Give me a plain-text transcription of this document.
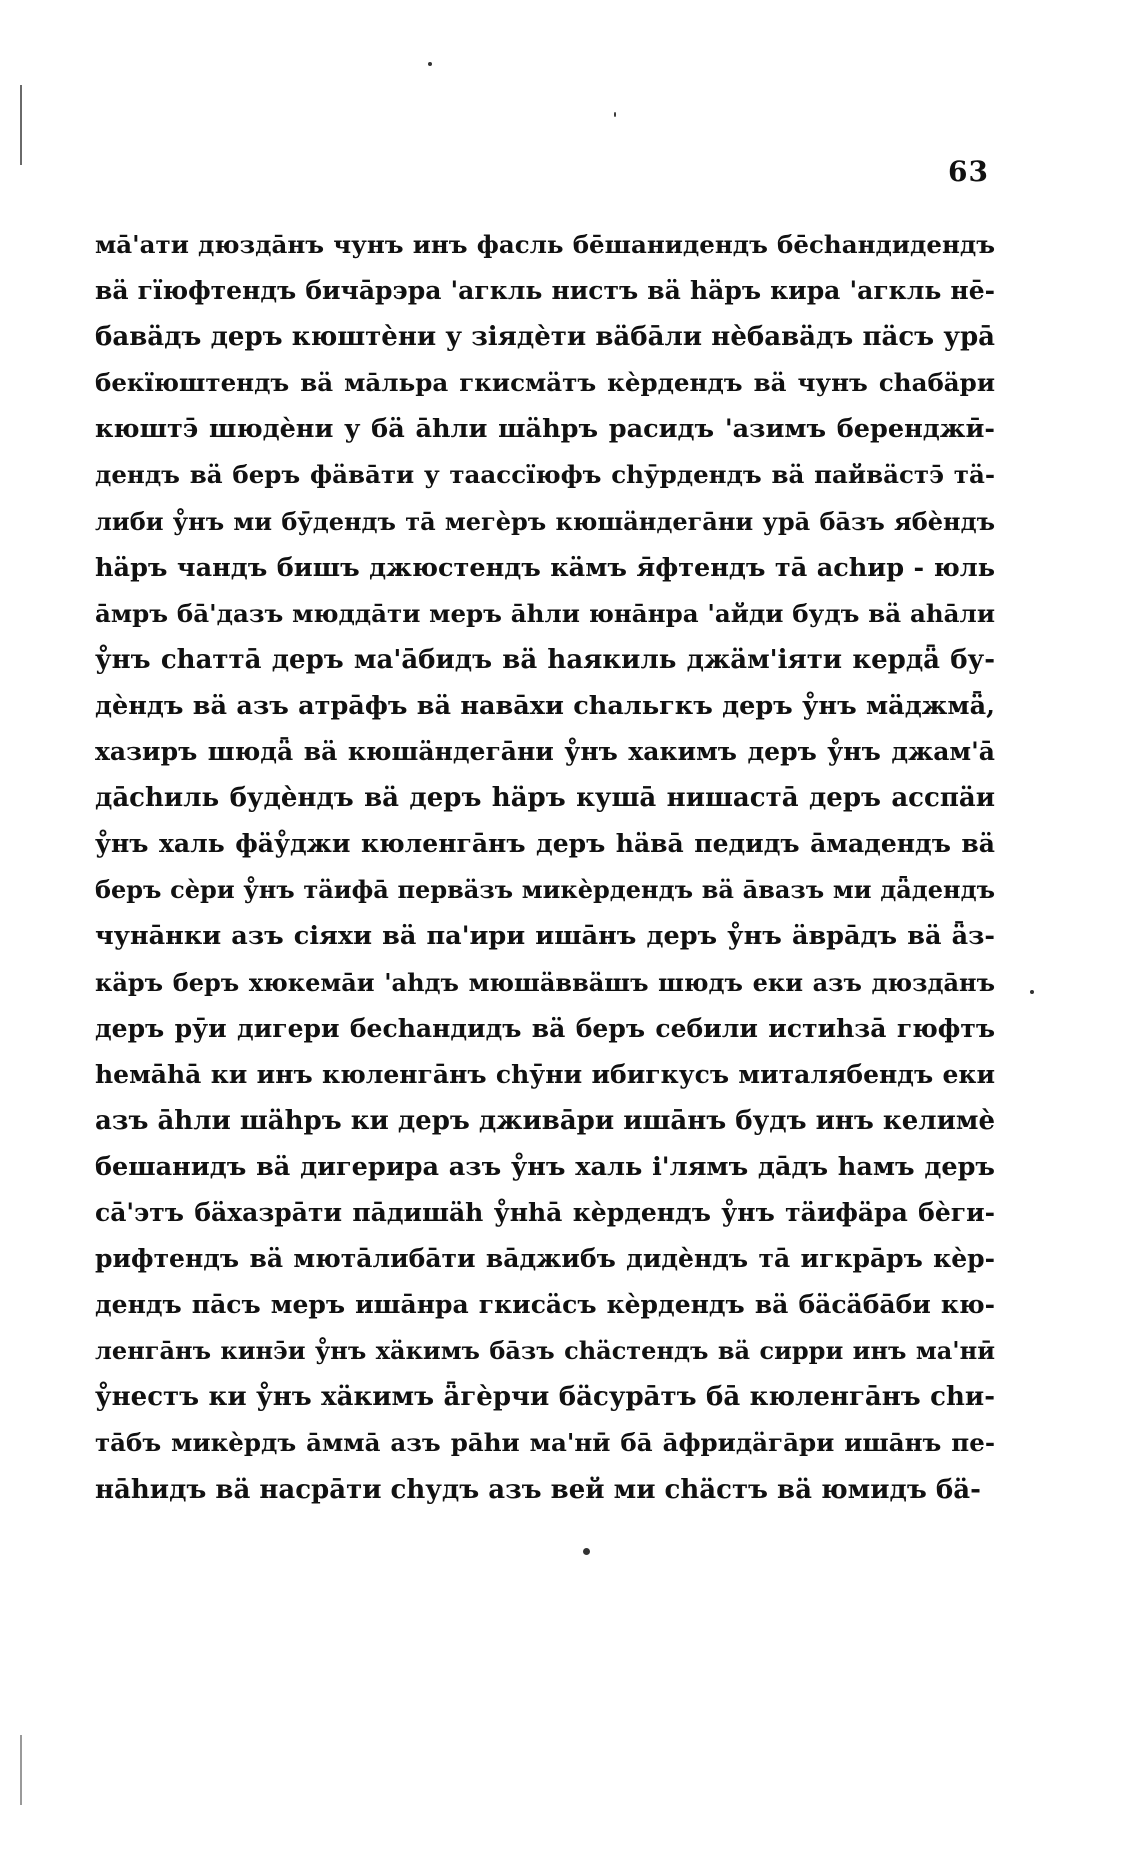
63
ма̄'ати дюзда̄нъ чунъ инъ фасль бе̄шанидендъ бе̄сhандидендъ
вä гïюфтендъ бича̄рэра 'агкль нистъ вä häръ кира 'агкль не̄-
бавäдъ деръ кюштѐни у зiядѐти вäба̄ли нѐбавäдъ пäсъ ура̄
бекïюштендъ вä ма̄льра гкисмäтъ кѐрдендъ вä чунъ сhабäри
кюштэ̄ шюдѐни у бä а̄hли шähръ расидъ 'азимъ беренджӣ-
дендъ вä беръ фäва̄ти у таассïюфъ сhӯрдендъ вä пайвäстэ̄ тä-
либи у̊нъ ми бӯдендъ та̄ мегѐръ кюшäндега̄ни ура̄ ба̄зъ ябѐндъ
häръ чандъ бишъ джюстендъ кäмъ я̄фтендъ та̄ асhир - юль
а̄мръ ба̄'дазъ мюдда̄ти меръ а̄hли юна̄нра 'айди будъ вä аhа̄ли
у̊нъ сhатта̄ деръ ма'а̄бидъ вä hаякиль джäм'iяти кердǟ бу-
дѐндъ вä азъ атра̄фъ вä нава̄хи сhальгкъ деръ у̊нъ мäджмǟ,
хазиръ шюдǟ вä кюшäндега̄ни у̊нъ хакимъ деръ у̊нъ джам'а̄
да̄сhиль будѐндъ вä деръ häръ куша̄ нишаста̄ деръ асспäи
у̊нъ халь фäу̊джи кюленга̄нъ деръ häва̄ педидъ а̄мадендъ вä
беръ сѐри у̊нъ тäифа̄ первäзъ микѐрдендъ вä а̄вазъ ми дǟдендъ
чуна̄нки азъ сiяхи вä па'ири иша̄нъ деръ у̊нъ äвра̄дъ вä ǟз-
кäръ беръ хюкема̄и 'аhдъ мюшäввäшъ шюдъ еки азъ дюзда̄нъ
деръ рӯи дигери бесhандидъ вä беръ себили истиhза̄ гюфтъ
hема̄hа̄ ки инъ кюленга̄нъ сhӯни ибигкусъ миталябендъ еки
азъ а̄hли шähръ ки деръ джива̄ри иша̄нъ будъ инъ келимѐ
бешанидъ вä дигерира азъ у̊нъ халь i'лямъ да̄дъ hамъ деръ
са̄'этъ бäхазра̄ти па̄дишäh у̊нhа̄ кѐрдендъ у̊нъ тäифäра бѐги-
рифтендъ вä мюта̄либа̄ти ва̄джибъ дидѐндъ та̄ игкра̄ръ кѐр-
дендъ па̄съ меръ иша̄нра гкисäсъ кѐрдендъ вä бäсäба̄би кю-
ленга̄нъ кинэ̄и у̊нъ хäкимъ ба̄зъ сhäстендъ вä сирри инъ ма'нӣ
у̊нестъ ки у̊нъ хäкимъ ǟгѐрчи бäсура̄тъ ба̄ кюленга̄нъ сhи-
та̄бъ микѐрдъ а̄мма̄ азъ ра̄hи ма'нӣ ба̄ а̄фридäга̄ри иша̄нъ пе-
на̄hидъ вä насра̄ти сhудъ азъ вей ми сhäстъ вä юмидъ бä-
